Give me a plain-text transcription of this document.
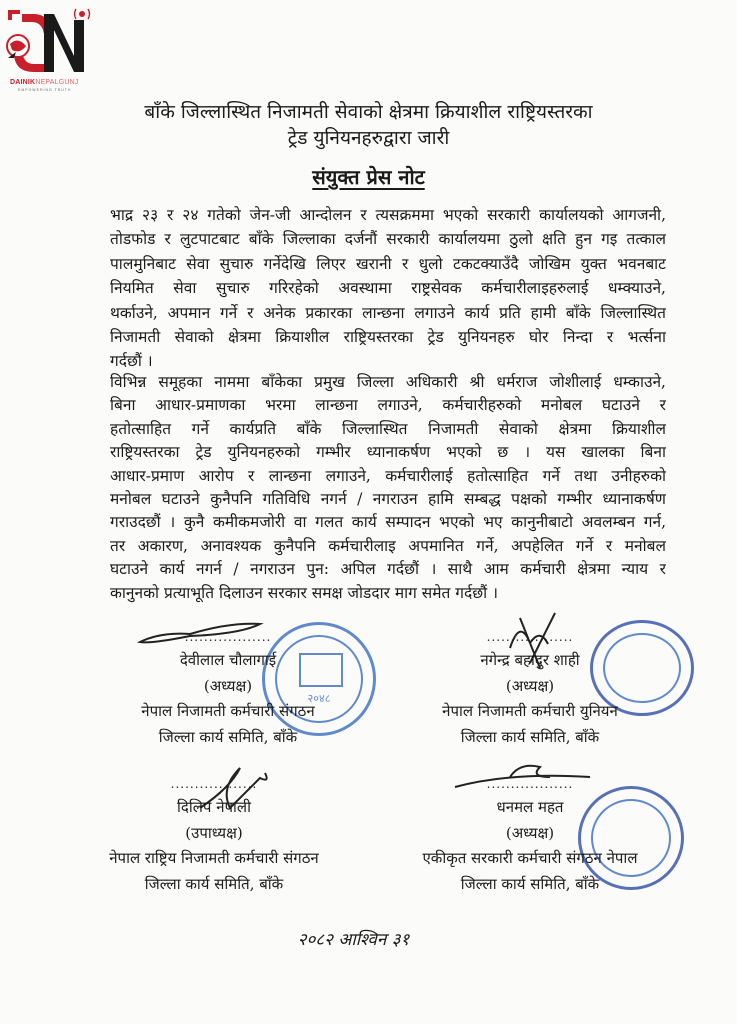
DAINIKNEPALGUNJ
EMPOWERING TRUTH
बाँके जिल्लास्थित निजामती सेवाको क्षेत्रमा क्रियाशील राष्ट्रियस्तरका
ट्रेड युनियनहरुद्वारा जारी
संयुक्त प्रेस नोट
भाद्र २३ र २४ गतेको जेन-जी आन्दोलन र त्यसक्रममा भएको सरकारी कार्यालयको आगजनी,
तोडफोड र लुटपाटबाट बाँके जिल्लाका दर्जनौं सरकारी कार्यालयमा ठुलो क्षति हुन गइ तत्काल
पालमुनिबाट सेवा सुचारु गर्नेदेखि लिएर खरानी र धुलो टकटक्याउँदै जोखिम युक्त भवनबाट
नियमित सेवा सुचारु गरिरहेको अवस्थामा राष्ट्रसेवक कर्मचारीलाइहरुलाई धम्क्याउने,
थर्काउने, अपमान गर्ने र अनेक प्रकारका लान्छना लगाउने कार्य प्रति हामी बाँके जिल्लास्थित
निजामती सेवाको क्षेत्रमा क्रियाशील राष्ट्रियस्तरका ट्रेड युनियनहरु घोर निन्दा र भर्त्सना
गर्दछौं ।
विभिन्न समूहका नाममा बाँकेका प्रमुख जिल्ला अधिकारी श्री धर्मराज जोशीलाई धम्काउने,
बिना आधार-प्रमाणका भरमा लान्छना लगाउने, कर्मचारीहरुको मनोबल घटाउने र
हतोत्साहित गर्ने कार्यप्रति बाँके जिल्लास्थित निजामती सेवाको क्षेत्रमा क्रियाशील
राष्ट्रियस्तरका ट्रेड युनियनहरुको गम्भीर ध्यानाकर्षण भएको छ । यस खालका बिना
आधार-प्रमाण आरोप र लान्छना लगाउने, कर्मचारीलाई हतोत्साहित गर्ने तथा उनीहरुको
मनोबल घटाउने कुनैपनि गतिविधि नगर्न / नगराउन हामि सम्बद्ध पक्षको गम्भीर ध्यानाकर्षण
गराउदछौं । कुनै कमीकमजोरी वा गलत कार्य सम्पादन भएको भए कानुनीबाटो अवलम्बन गर्न,
तर अकारण, अनावश्यक कुनैपनि कर्मचारीलाइ अपमानित गर्ने, अपहेलित गर्ने र मनोबल
घटाउने कार्य नगर्न / नगराउन पुन: अपिल गर्दछौं । साथै आम कर्मचारी क्षेत्रमा न्याय र
कानुनको प्रत्याभूति दिलाउन सरकार समक्ष जोडदार माग समेत गर्दछौं ।
२०४८
..................
देवीलाल चौलागाई
(अध्यक्ष)
नेपाल निजामती कर्मचारी संगठन
जिल्ला कार्य समिति, बाँके
..................
नगेन्द्र बहादुर शाही
(अध्यक्ष)
नेपाल निजामती कर्मचारी युनियन
जिल्ला कार्य समिति, बाँके
..................
दिलिप नेपाली
(उपाध्यक्ष)
नेपाल राष्ट्रिय निजामती कर्मचारी संगठन
जिल्ला कार्य समिति, बाँके
..................
धनमल महत
(अध्यक्ष)
एकीकृत सरकारी कर्मचारी संगठन नेपाल
जिल्ला कार्य समिति, बाँके
२०८२ आश्विन ३१
